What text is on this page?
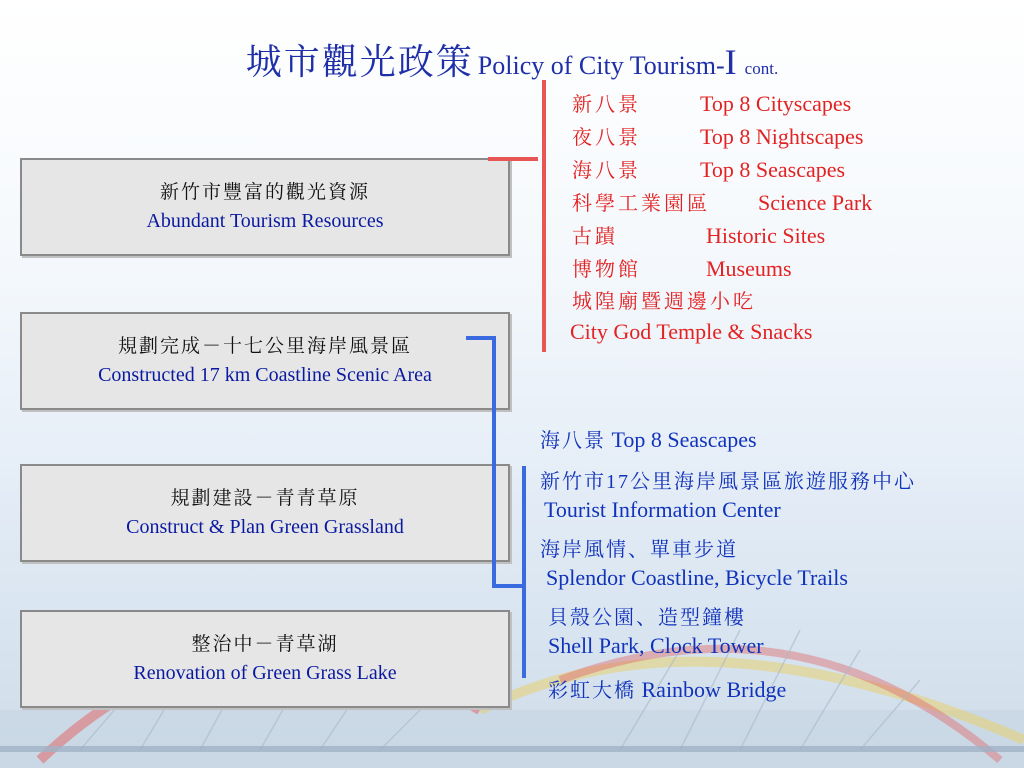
城市觀光政策 Policy of City Tourism-I cont.
新竹市豐富的觀光資源
Abundant Tourism Resources
規劃完成－十七公里海岸風景區
Constructed 17 km Coastline Scenic Area
規劃建設－青青草原
Construct & Plan Green Grassland
整治中－青草湖
Renovation of Green Grass Lake
新八景	Top 8 Cityscapes
夜八景	Top 8 Nightscapes
海八景	Top 8 Seascapes
科學工業園區 Science Park
古蹟	Historic Sites
博物館	Museums
城隍廟暨週邊小吃
City God Temple & Snacks
海八景 Top 8 Seascapes
新竹市17公里海岸風景區旅遊服務中心
Tourist Information Center
海岸風情、單車步道
Splendor Coastline, Bicycle Trails
貝殼公園、造型鐘樓
Shell Park, Clock Tower
彩虹大橋 Rainbow Bridge
